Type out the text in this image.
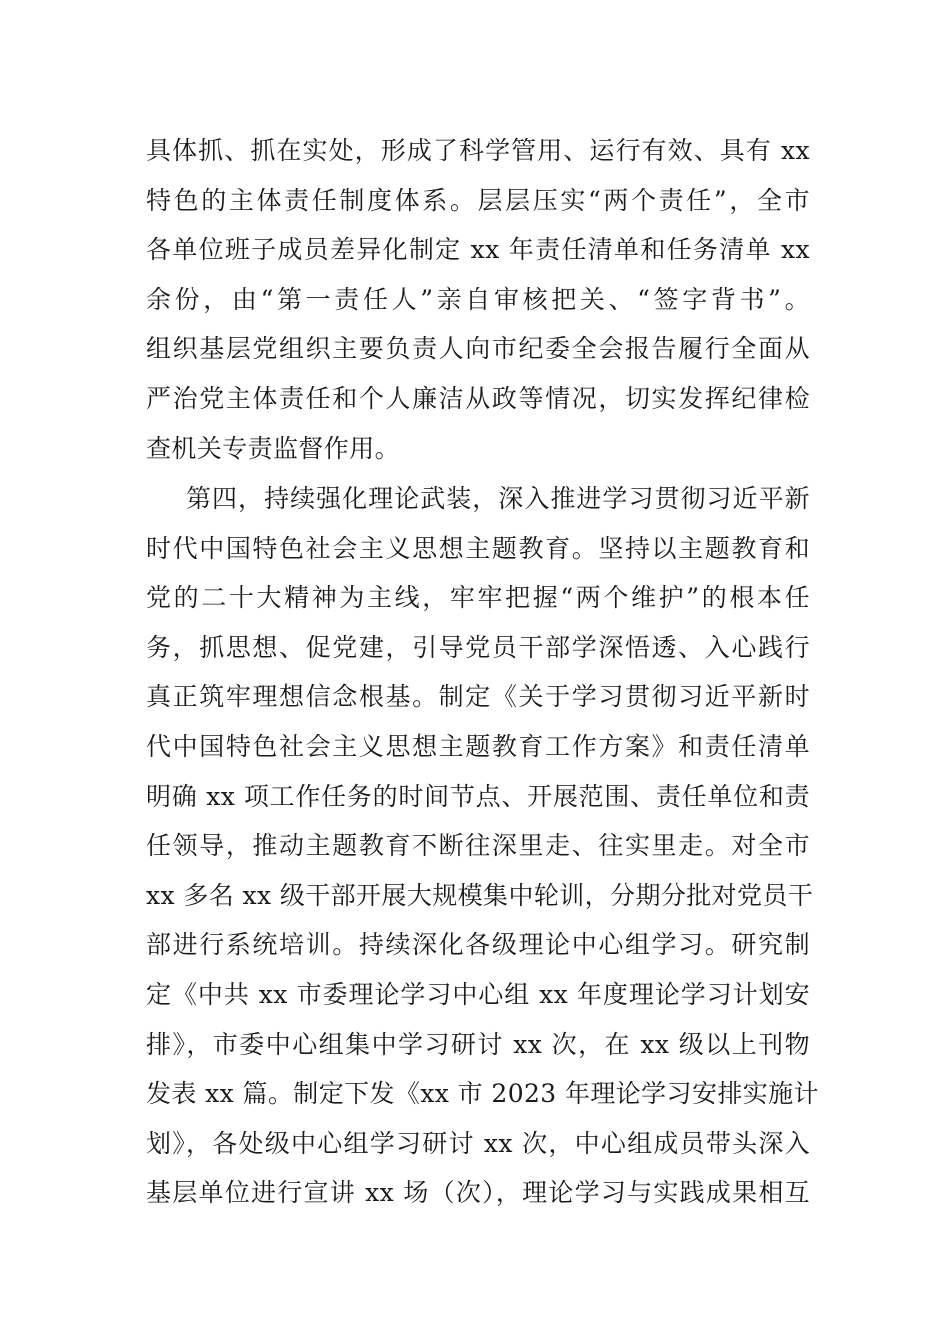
具体抓、抓在实处，形成了科学管用、运行有效、具有 xx
特色的主体责任制度体系。层层压实“两个责任”，全市
各单位班子成员差异化制定 xx 年责任清单和任务清单 xx
余份，由“第一责任人”亲自审核把关、“签字背书”。
组织基层党组织主要负责人向市纪委全会报告履行全面从
严治党主体责任和个人廉洁从政等情况，切实发挥纪律检
查机关专责监督作用。
第四，持续强化理论武装，深入推进学习贯彻习近平新
时代中国特色社会主义思想主题教育。坚持以主题教育和
党的二十大精神为主线，牢牢把握“两个维护”的根本任
务，抓思想、促党建，引导党员干部学深悟透、入心践行
真正筑牢理想信念根基。制定《关于学习贯彻习近平新时
代中国特色社会主义思想主题教育工作方案》和责任清单
明确 xx 项工作任务的时间节点、开展范围、责任单位和责
任领导，推动主题教育不断往深里走、往实里走。对全市
xx 多名 xx 级干部开展大规模集中轮训，分期分批对党员干
部进行系统培训。持续深化各级理论中心组学习。研究制
定《中共 xx 市委理论学习中心组 xx 年度理论学习计划安
排》，市委中心组集中学习研讨 xx 次，在 xx 级以上刊物
发表 xx 篇。制定下发《xx 市 2023 年理论学习安排实施计
划》，各处级中心组学习研讨 xx 次，中心组成员带头深入
基层单位进行宣讲 xx 场（次），理论学习与实践成果相互
